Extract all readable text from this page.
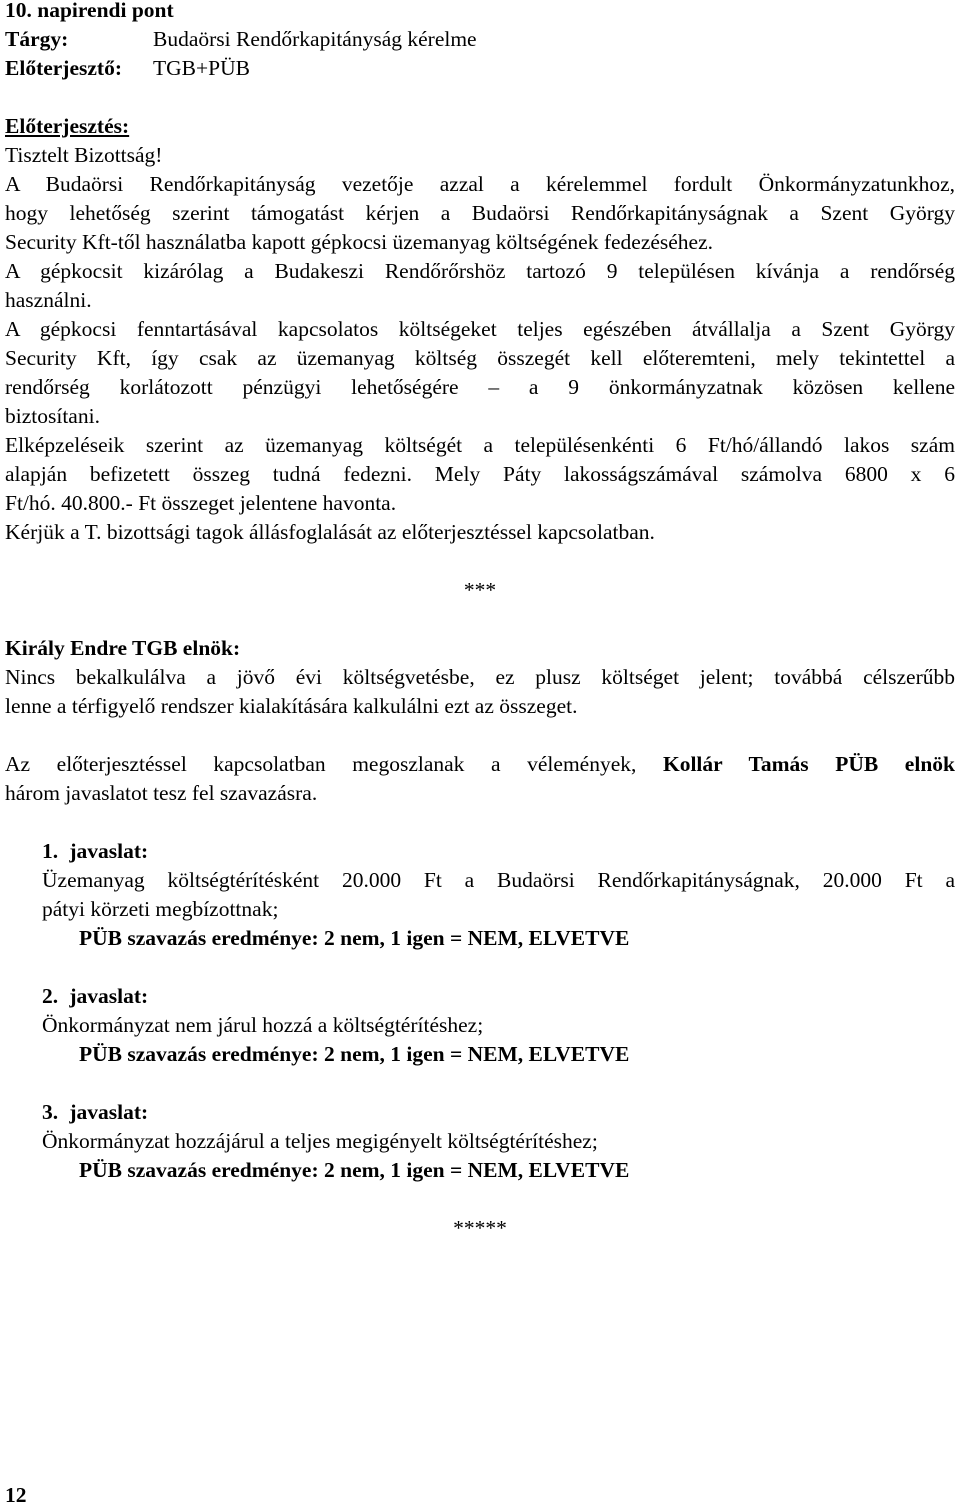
10. napirendi pont
Tárgy:	Budaörsi Rendőrkapitányság kérelme
Előterjesztő: TGB+PÜB
Előterjesztés:
Tisztelt Bizottság!
A Budaörsi Rendőrkapitányság vezetője azzal a kérelemmel fordult Önkormányzatunkhoz,
hogy lehetőség szerint támogatást kérjen a Budaörsi Rendőrkapitányságnak a Szent György
Security Kft-től használatba kapott gépkocsi üzemanyag költségének fedezéséhez.
A gépkocsit kizárólag a Budakeszi Rendőrőrshöz tartozó 9 településen kívánja a rendőrség
használni.
A gépkocsi fenntartásával kapcsolatos költségeket teljes egészében átvállalja a Szent György
Security Kft, így csak az üzemanyag költség összegét kell előteremteni, mely tekintettel a
rendőrség korlátozott pénzügyi lehetőségére – a 9 önkormányzatnak közösen kellene
biztosítani.
Elképzeléseik szerint az üzemanyag költségét a településenkénti 6 Ft/hó/állandó lakos szám
alapján befizetett összeg tudná fedezni. Mely Páty lakosságszámával számolva 6800 x 6
Ft/hó. 40.800.- Ft összeget jelentene havonta.
Kérjük a T. bizottsági tagok állásfoglalását az előterjesztéssel kapcsolatban.
***
Király Endre TGB elnök:
Nincs bekalkulálva a jövő évi költségvetésbe, ez plusz költséget jelent; továbbá célszerűbb
lenne a térfigyelő rendszer kialakítására kalkulálni ezt az összeget.
Az előterjesztéssel kapcsolatban megoszlanak a vélemények, Kollár Tamás PÜB elnök
három javaslatot tesz fel szavazásra.
1. javaslat:
Üzemanyag költségtérítésként 20.000 Ft a Budaörsi Rendőrkapitányságnak, 20.000 Ft a
pátyi körzeti megbízottnak;
PÜB szavazás eredménye: 2 nem, 1 igen = NEM, ELVETVE
2. javaslat:
Önkormányzat nem járul hozzá a költségtérítéshez;
PÜB szavazás eredménye: 2 nem, 1 igen = NEM, ELVETVE
3. javaslat:
Önkormányzat hozzájárul a teljes megigényelt költségtérítéshez;
PÜB szavazás eredménye: 2 nem, 1 igen = NEM, ELVETVE
*****
12
